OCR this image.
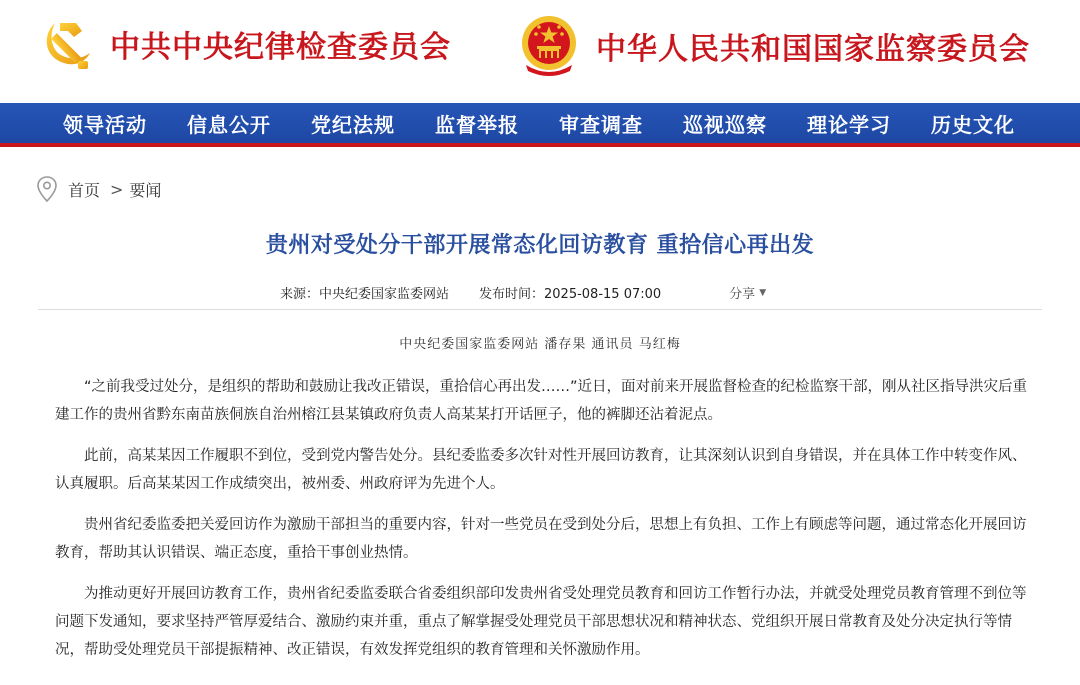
中共中央纪律检查委员会	中华人民共和国国家监察委员会
领导活动	信息公开	党纪法规	监督举报	审查调查	巡视巡察	理论学习	历史文化
首页 > 要闻
贵州对受处分干部开展常态化回访教育 重拾信心再出发
来源：中央纪委国家监委网站 发布时间：2025-08-15 07:00	分享 ▼
中央纪委国家监委网站 潘存果 通讯员 马红梅

“之前我受过处分，是组织的帮助和鼓励让我改正错误，重拾信心再出发……”近日，面对前来开展监督检查的纪检监察干部，刚从社区指导洪灾后重建工作的贵州省黔东南苗族侗族自治州榕江县某镇政府负责人高某某打开话匣子，他的裤脚还沾着泥点。

此前，高某某因工作履职不到位，受到党内警告处分。县纪委监委多次针对性开展回访教育，让其深刻认识到自身错误，并在具体工作中转变作风、认真履职。后高某某因工作成绩突出，被州委、州政府评为先进个人。

贵州省纪委监委把关爱回访作为激励干部担当的重要内容，针对一些党员在受到处分后，思想上有负担、工作上有顾虑等问题，通过常态化开展回访教育，帮助其认识错误、端正态度，重拾干事创业热情。

为推动更好开展回访教育工作，贵州省纪委监委联合省委组织部印发贵州省受处理党员教育和回访工作暂行办法，并就受处理党员教育管理不到位等问题下发通知，要求坚持严管厚爱结合、激励约束并重，重点了解掌握受处理党员干部思想状况和精神状态、党组织开展日常教育及处分决定执行等情况，帮助受处理党员干部提振精神、改正错误，有效发挥党组织的教育管理和关怀激励作用。
